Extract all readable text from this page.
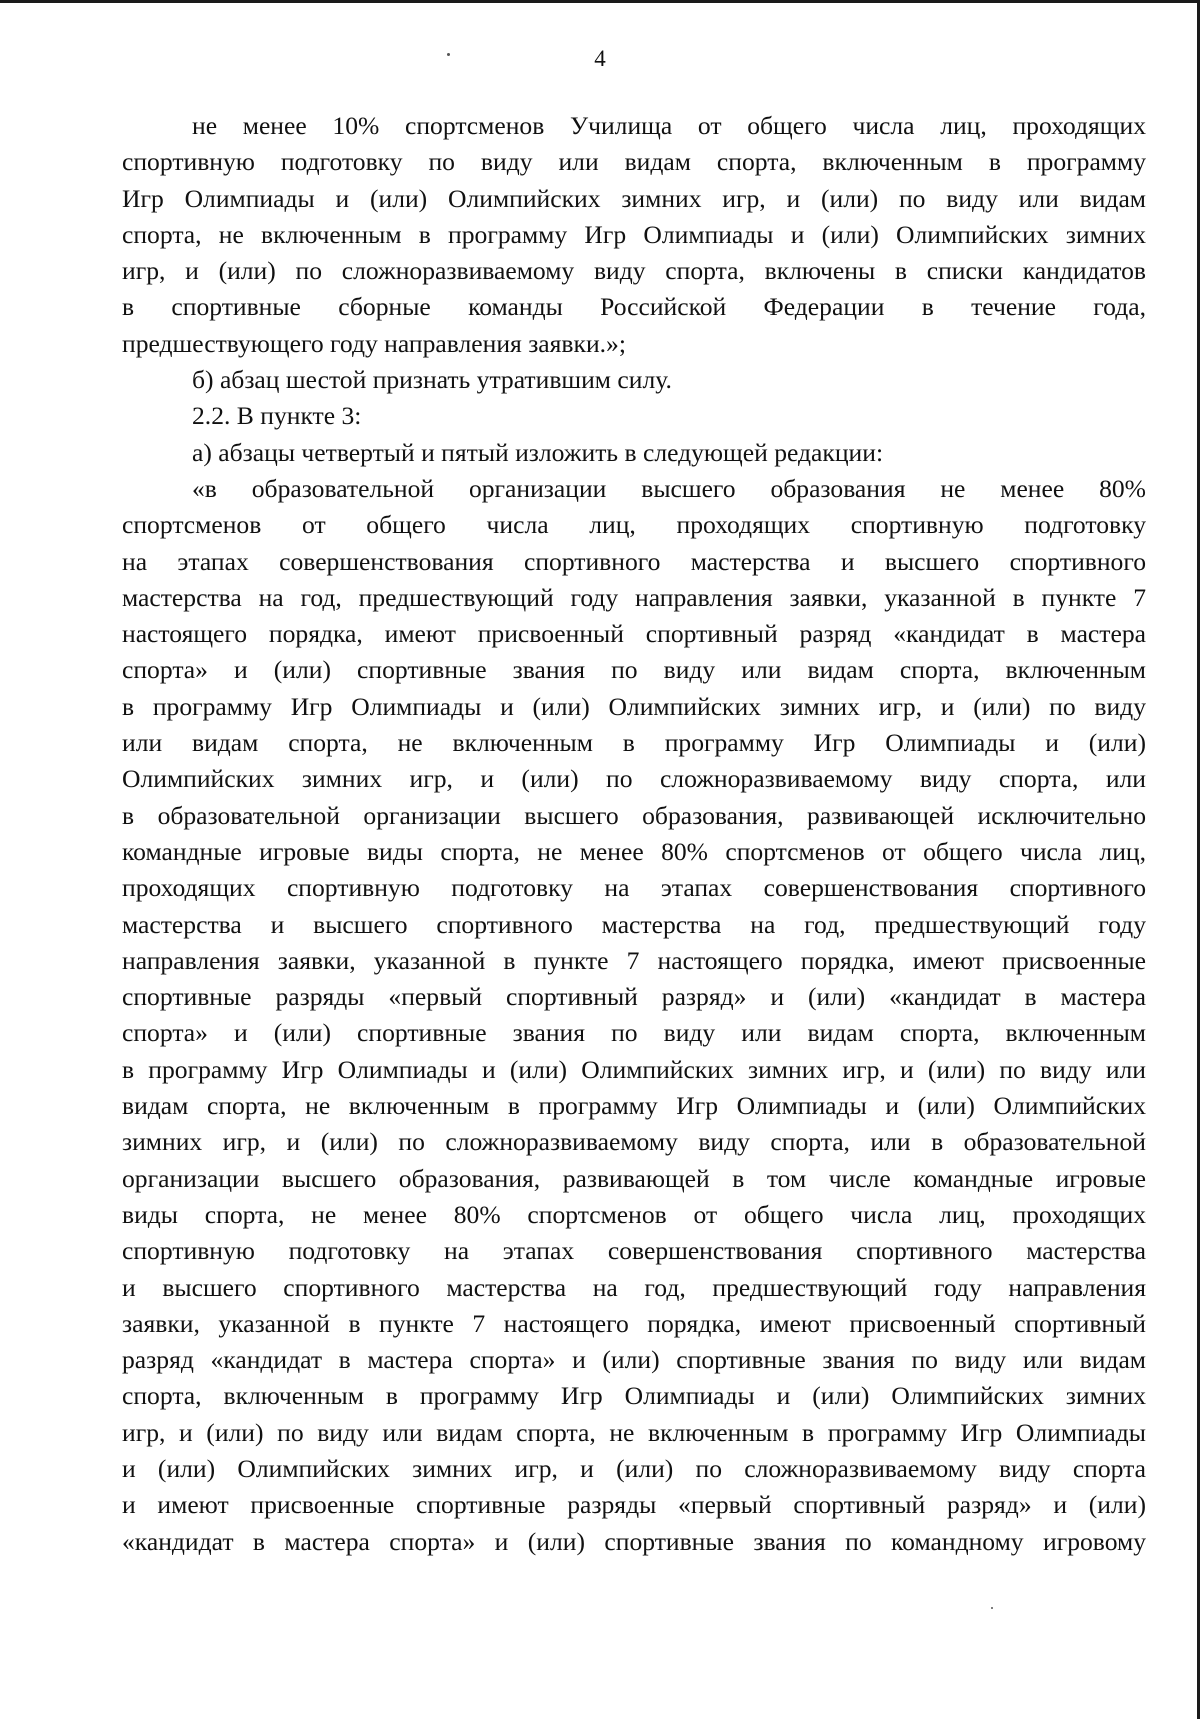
4
не менее 10% спортсменов Училища от общего числа лиц, проходящих
спортивную подготовку по виду или видам спорта, включенным в программу
Игр Олимпиады и (или) Олимпийских зимних игр, и (или) по виду или видам
спорта, не включенным в программу Игр Олимпиады и (или) Олимпийских зимних
игр, и (или) по сложноразвиваемому виду спорта, включены в списки кандидатов
в спортивные сборные команды Российской Федерации в течение года,
предшествующего году направления заявки.»;
б) абзац шестой признать утратившим силу.
2.2. В пункте 3:
а) абзацы четвертый и пятый изложить в следующей редакции:
«в образовательной организации высшего образования не менее 80%
спортсменов от общего числа лиц, проходящих спортивную подготовку
на этапах совершенствования спортивного мастерства и высшего спортивного
мастерства на год, предшествующий году направления заявки, указанной в пункте 7
настоящего порядка, имеют присвоенный спортивный разряд «кандидат в мастера
спорта» и (или) спортивные звания по виду или видам спорта, включенным
в программу Игр Олимпиады и (или) Олимпийских зимних игр, и (или) по виду
или видам спорта, не включенным в программу Игр Олимпиады и (или)
Олимпийских зимних игр, и (или) по сложноразвиваемому виду спорта, или
в образовательной организации высшего образования, развивающей исключительно
командные игровые виды спорта, не менее 80% спортсменов от общего числа лиц,
проходящих спортивную подготовку на этапах совершенствования спортивного
мастерства и высшего спортивного мастерства на год, предшествующий году
направления заявки, указанной в пункте 7 настоящего порядка, имеют присвоенные
спортивные разряды «первый спортивный разряд» и (или) «кандидат в мастера
спорта» и (или) спортивные звания по виду или видам спорта, включенным
в программу Игр Олимпиады и (или) Олимпийских зимних игр, и (или) по виду или
видам спорта, не включенным в программу Игр Олимпиады и (или) Олимпийских
зимних игр, и (или) по сложноразвиваемому виду спорта, или в образовательной
организации высшего образования, развивающей в том числе командные игровые
виды спорта, не менее 80% спортсменов от общего числа лиц, проходящих
спортивную подготовку на этапах совершенствования спортивного мастерства
и высшего спортивного мастерства на год, предшествующий году направления
заявки, указанной в пункте 7 настоящего порядка, имеют присвоенный спортивный
разряд «кандидат в мастера спорта» и (или) спортивные звания по виду или видам
спорта, включенным в программу Игр Олимпиады и (или) Олимпийских зимних
игр, и (или) по виду или видам спорта, не включенным в программу Игр Олимпиады
и (или) Олимпийских зимних игр, и (или) по сложноразвиваемому виду спорта
и имеют присвоенные спортивные разряды «первый спортивный разряд» и (или)
«кандидат в мастера спорта» и (или) спортивные звания по командному игровому
